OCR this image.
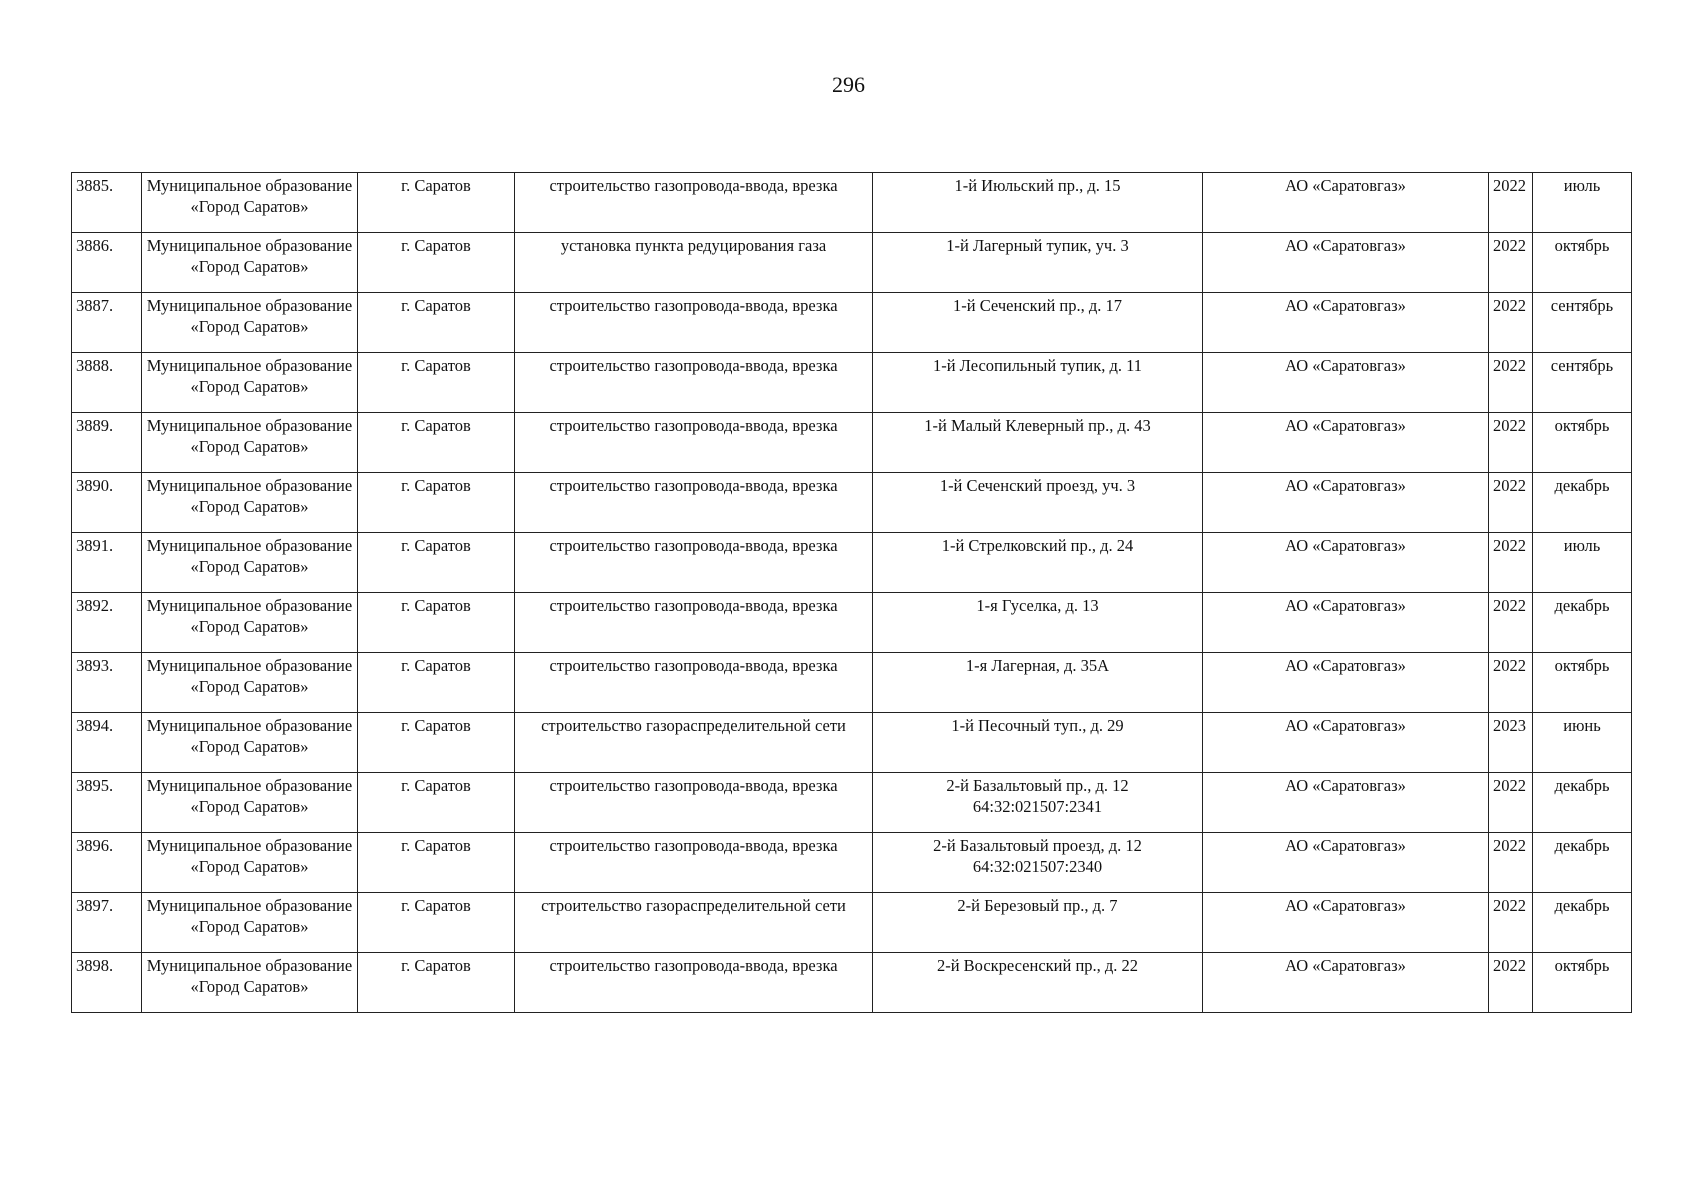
296
3885.	Муниципальное образование «Город Саратов»	г. Саратов	строительство газопровода-ввода, врезка	1-й Июльский пр., д. 15	АО «Саратовгаз»	2022	июль
3886.	Муниципальное образование «Город Саратов»	г. Саратов	установка пункта редуцирования газа	1-й Лагерный тупик, уч. 3	АО «Саратовгаз»	2022	октябрь
3887.	Муниципальное образование «Город Саратов»	г. Саратов	строительство газопровода-ввода, врезка	1-й Сеченский пр., д. 17	АО «Саратовгаз»	2022	сентябрь
3888.	Муниципальное образование «Город Саратов»	г. Саратов	строительство газопровода-ввода, врезка	1-й Лесопильный тупик, д. 11	АО «Саратовгаз»	2022	сентябрь
3889.	Муниципальное образование «Город Саратов»	г. Саратов	строительство газопровода-ввода, врезка	1-й Малый Клеверный пр., д. 43	АО «Саратовгаз»	2022	октябрь
3890.	Муниципальное образование «Город Саратов»	г. Саратов	строительство газопровода-ввода, врезка	1-й Сеченский проезд, уч. 3	АО «Саратовгаз»	2022	декабрь
3891.	Муниципальное образование «Город Саратов»	г. Саратов	строительство газопровода-ввода, врезка	1-й Стрелковский пр., д. 24	АО «Саратовгаз»	2022	июль
3892.	Муниципальное образование «Город Саратов»	г. Саратов	строительство газопровода-ввода, врезка	1-я Гуселка, д. 13	АО «Саратовгаз»	2022	декабрь
3893.	Муниципальное образование «Город Саратов»	г. Саратов	строительство газопровода-ввода, врезка	1-я Лагерная, д. 35А	АО «Саратовгаз»	2022	октябрь
3894.	Муниципальное образование «Город Саратов»	г. Саратов	строительство газораспределительной сети	1-й Песочный туп., д. 29	АО «Саратовгаз»	2023	июнь
3895.	Муниципальное образование «Город Саратов»	г. Саратов	строительство газопровода-ввода, врезка	2-й Базальтовый пр., д. 12
64:32:021507:2341	АО «Саратовгаз»	2022	декабрь
3896.	Муниципальное образование «Город Саратов»	г. Саратов	строительство газопровода-ввода, врезка	2-й Базальтовый проезд, д. 12
64:32:021507:2340	АО «Саратовгаз»	2022	декабрь
3897.	Муниципальное образование «Город Саратов»	г. Саратов	строительство газораспределительной сети	2-й Березовый пр., д. 7	АО «Саратовгаз»	2022	декабрь
3898.	Муниципальное образование «Город Саратов»	г. Саратов	строительство газопровода-ввода, врезка	2-й Воскресенский пр., д. 22	АО «Саратовгаз»	2022	октябрь
